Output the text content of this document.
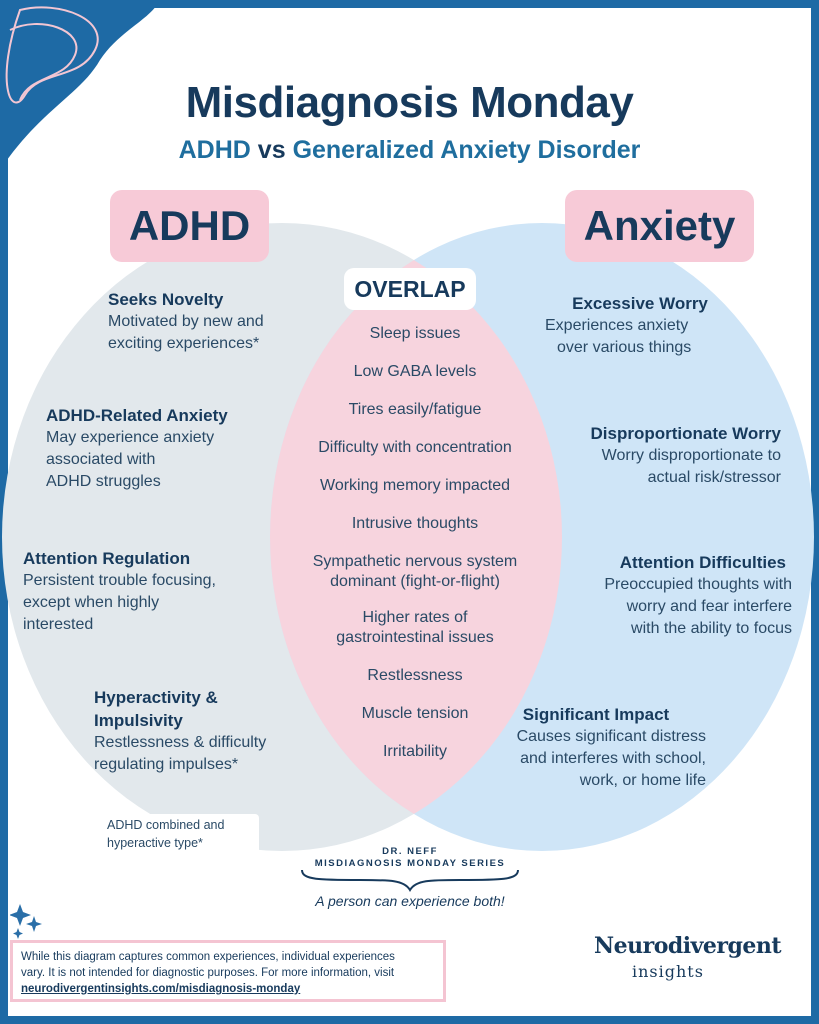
Misdiagnosis Monday
ADHD vs Generalized Anxiety Disorder
ADHD	Anxiety
OVERLAP
Seeks Novelty
Motivated by new and
exciting experiences*
ADHD-Related Anxiety
May experience anxiety
associated with
ADHD struggles
Attention Regulation
Persistent trouble focusing,
except when highly
interested
Hyperactivity &
Impulsivity
Restlessness & difficulty
regulating impulses*
Sleep issues
Low GABA levels
Tires easily/fatigue
Difficulty with concentration
Working memory impacted
Intrusive thoughts
Sympathetic nervous system
dominant (fight-or-flight)
Higher rates of
gastrointestinal issues
Restlessness
Muscle tension
Irritability
Excessive Worry
Experiences anxiety
over various things
Disproportionate Worry
Worry disproportionate to
actual risk/stressor
Attention Difficulties
Preoccupied thoughts with
worry and fear interfere
with the ability to focus
Significant Impact
Causes significant distress
and interferes with school,
work, or home life
ADHD combined and
hyperactive type*
DR. NEFF
MISDIAGNOSIS MONDAY SERIES
A person can experience both!
While this diagram captures common experiences, individual experiences
vary. It is not intended for diagnostic purposes. For more information, visit
neurodivergentinsights.com/misdiagnosis-monday
Neurodivergent
insights
